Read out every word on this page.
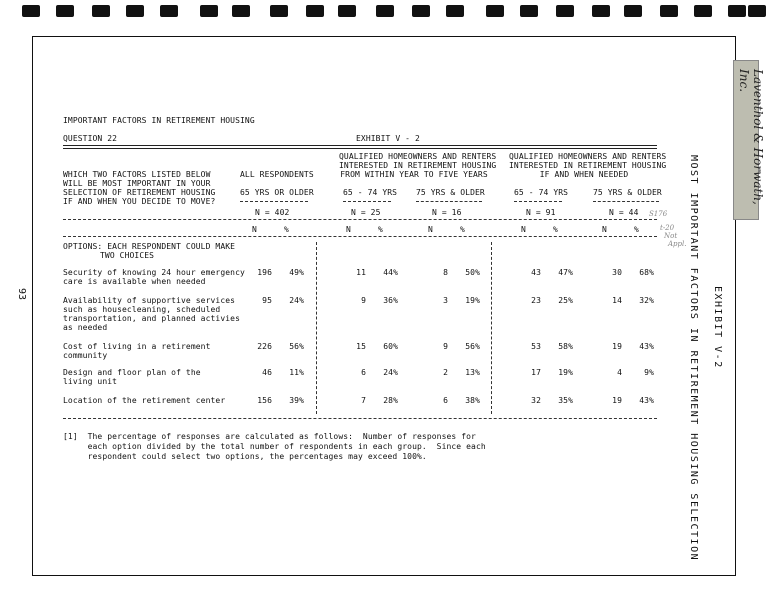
93
Laventhol & Horwath, Inc.
S176
t-20
Not
Appl. MOST IMPORTANT FACTORS IN RETIREMENT HOUSING SELECTION EXHIBIT V-2
IMPORTANT FACTORS IN RETIREMENT HOUSING
QUESTION 22	EXHIBIT V - 2
QUALIFIED HOMEOWNERS AND RENTERS
INTERESTED IN RETIREMENT HOUSING
FROM WITHIN YEAR TO FIVE YEARS
QUALIFIED HOMEOWNERS AND RENTERS
INTERESTED IN RETIREMENT HOUSING
IF AND WHEN NEEDED
WHICH TWO FACTORS LISTED BELOW
WILL BE MOST IMPORTANT IN YOUR
SELECTION OF RETIREMENT HOUSING
IF AND WHEN YOU DECIDE TO MOVE?
ALL RESPONDENTS
65 YRS OR OLDER	65 - 74 YRS 75 YRS & OLDER	65 - 74 YRS	75 YRS & OLDER
N = 402	N = 25	N = 16	N = 91	N = 44
N	%	N	%	N	%	N	%	N	%
OPTIONS: EACH RESPONDENT COULD MAKE
TWO CHOICES
Security of knowing 24 hour emergency
care is available when needed
196	49%	11	44%	8	50%	43	47%	30	68%
Availability of supportive services
such as housecleaning, scheduled
transportation, and planned activies
as needed
95	24%	9	36%	3	19%	23	25%	14	32%
Cost of living in a retirement
community
226	56%	15	60%	9	56%	53	58%	19	43%
Design and floor plan of the
living unit
46	11%	6	24%	2	13%	17	19%	4	9%
Location of the retirement center	156	39%	7	28%	6	38%	32	35%	19	43%
[1]  The percentage of responses are calculated as follows:  Number of responses for
each option divided by the total number of respondents in each group.  Since each
respondent could select two options, the percentages may exceed 100%.
